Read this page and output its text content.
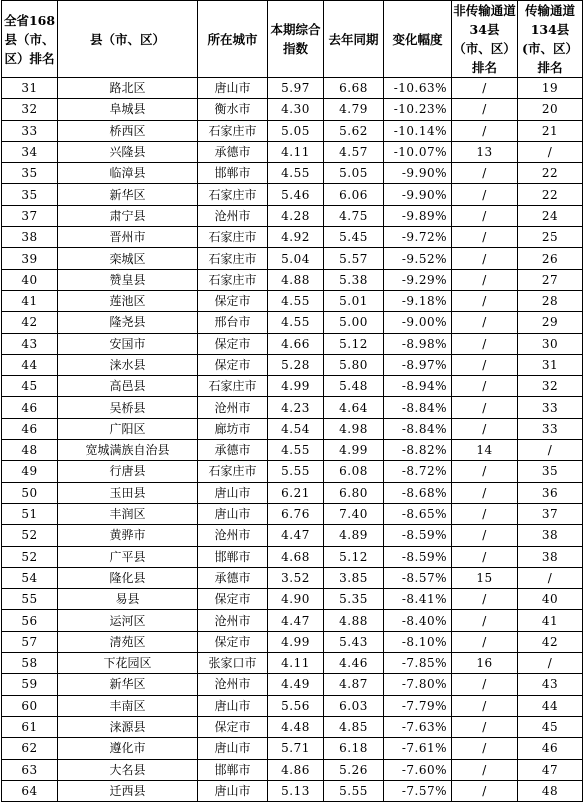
全省168县（市、区）排名	县（市、区）	所在城市	本期综合指数	去年同期	变化幅度	非传输通道34县（市、区）排名	传输通道134县(市、区）排名
31	路北区	唐山市	5.97	6.68	-10.63%	/	19
32	阜城县	衡水市	4.30	4.79	-10.23%	/	20
33	桥西区	石家庄市	5.05	5.62	-10.14%	/	21
34	兴隆县	承德市	4.11	4.57	-10.07%	13	/
35	临漳县	邯郸市	4.55	5.05	-9.90%	/	22
35	新华区	石家庄市	5.46	6.06	-9.90%	/	22
37	肃宁县	沧州市	4.28	4.75	-9.89%	/	24
38	晋州市	石家庄市	4.92	5.45	-9.72%	/	25
39	栾城区	石家庄市	5.04	5.57	-9.52%	/	26
40	赞皇县	石家庄市	4.88	5.38	-9.29%	/	27
41	莲池区	保定市	4.55	5.01	-9.18%	/	28
42	隆尧县	邢台市	4.55	5.00	-9.00%	/	29
43	安国市	保定市	4.66	5.12	-8.98%	/	30
44	涞水县	保定市	5.28	5.80	-8.97%	/	31
45	高邑县	石家庄市	4.99	5.48	-8.94%	/	32
46	吴桥县	沧州市	4.23	4.64	-8.84%	/	33
46	广阳区	廊坊市	4.54	4.98	-8.84%	/	33
48	宽城满族自治县	承德市	4.55	4.99	-8.82%	14	/
49	行唐县	石家庄市	5.55	6.08	-8.72%	/	35
50	玉田县	唐山市	6.21	6.80	-8.68%	/	36
51	丰润区	唐山市	6.76	7.40	-8.65%	/	37
52	黄骅市	沧州市	4.47	4.89	-8.59%	/	38
52	广平县	邯郸市	4.68	5.12	-8.59%	/	38
54	隆化县	承德市	3.52	3.85	-8.57%	15	/
55	易县	保定市	4.90	5.35	-8.41%	/	40
56	运河区	沧州市	4.47	4.88	-8.40%	/	41
57	清苑区	保定市	4.99	5.43	-8.10%	/	42
58	下花园区	张家口市	4.11	4.46	-7.85%	16	/
59	新华区	沧州市	4.49	4.87	-7.80%	/	43
60	丰南区	唐山市	5.56	6.03	-7.79%	/	44
61	涞源县	保定市	4.48	4.85	-7.63%	/	45
62	遵化市	唐山市	5.71	6.18	-7.61%	/	46
63	大名县	邯郸市	4.86	5.26	-7.60%	/	47
64	迁西县	唐山市	5.13	5.55	-7.57%	/	48
